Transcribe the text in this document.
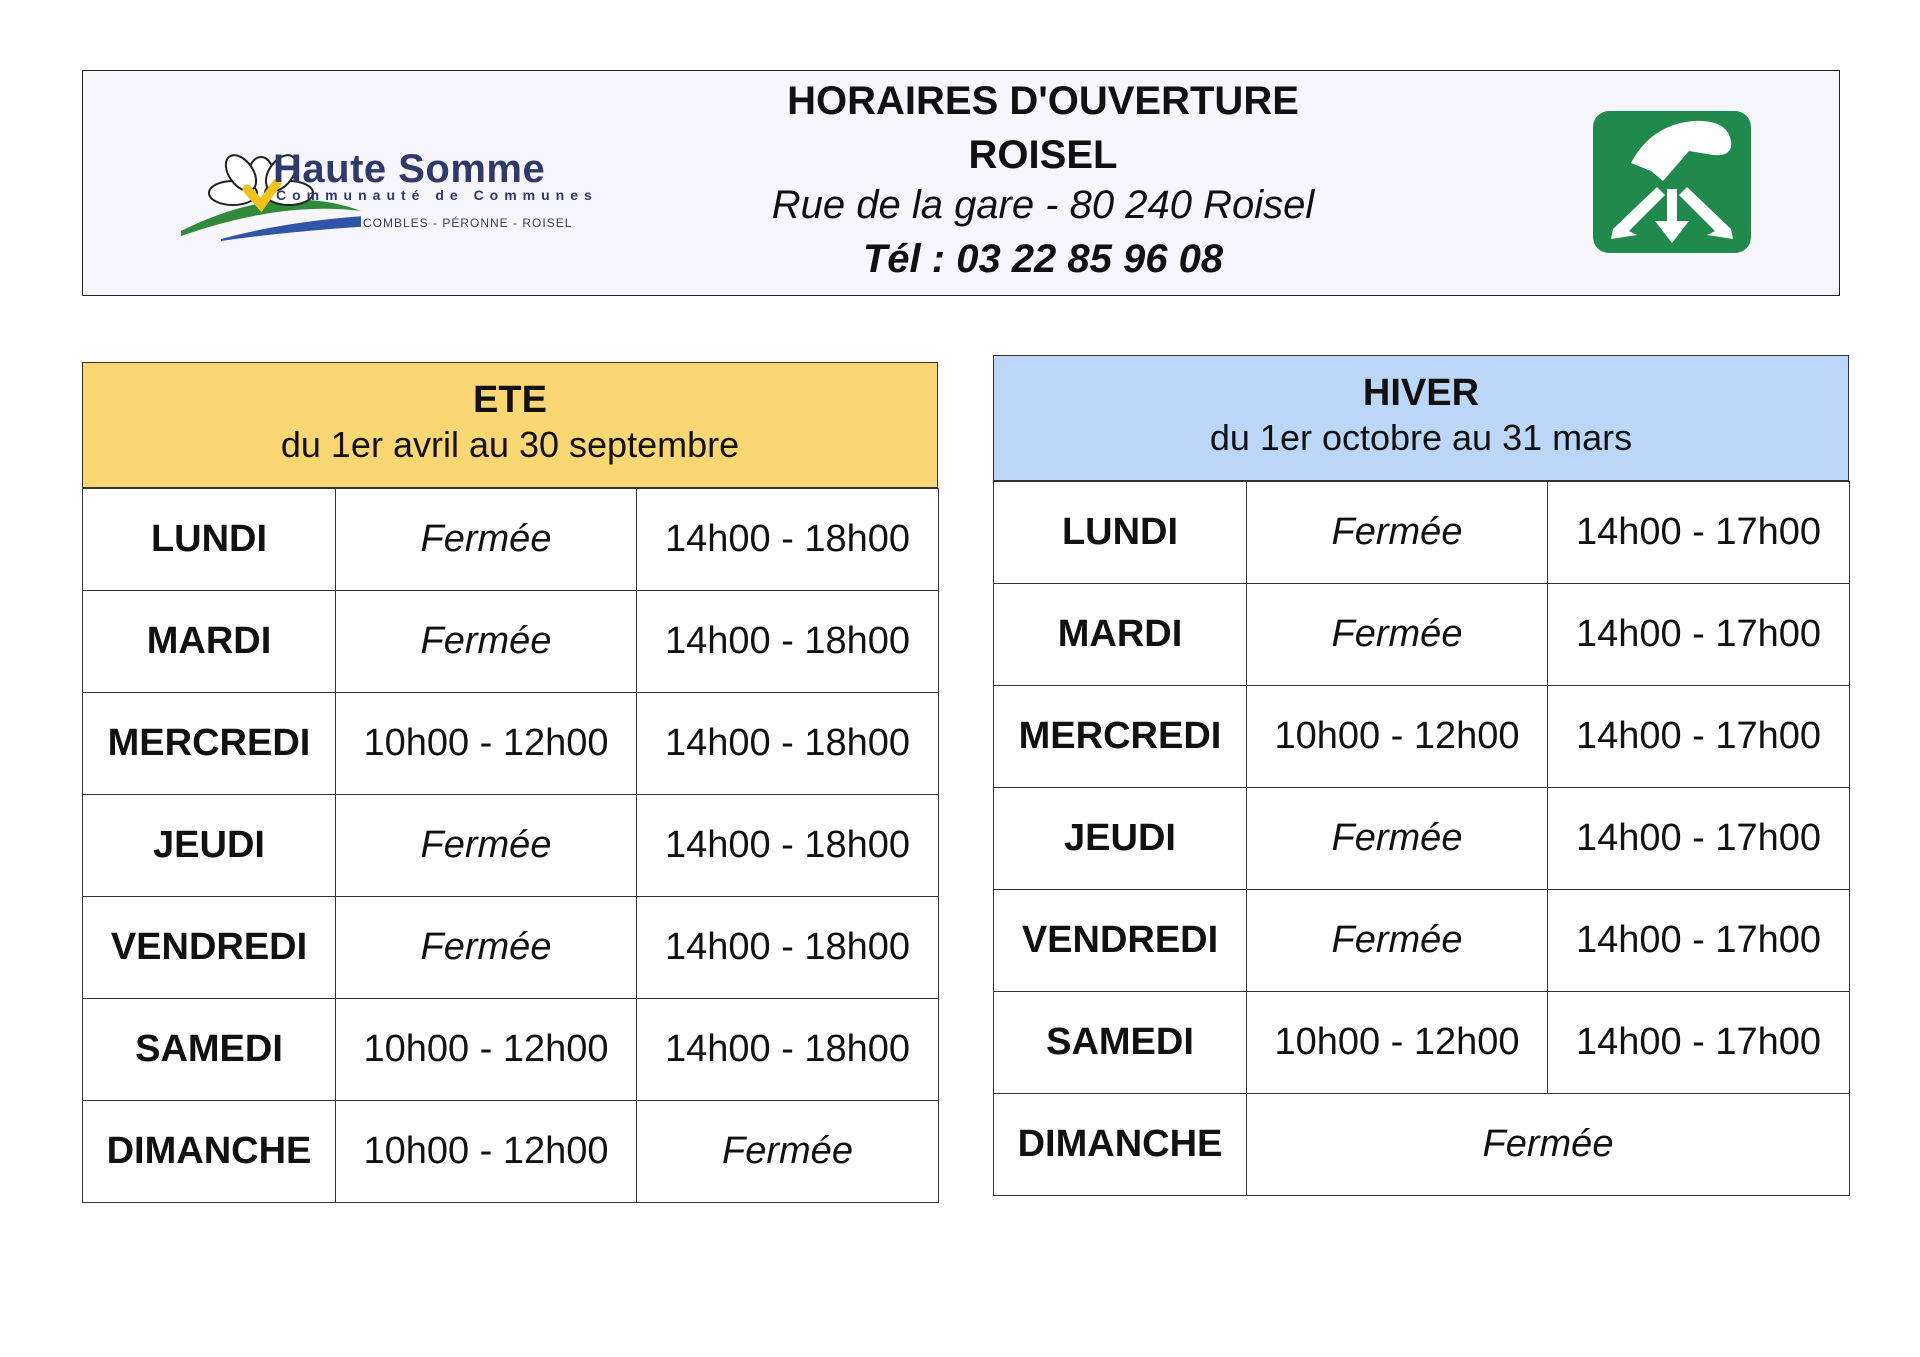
Haute Somme
Communauté de Communes
COMBLES - PÉRONNE - ROISEL
HORAIRES D'OUVERTURE
ROISEL
Rue de la gare - 80 240 Roisel
Tél : 03 22 85 96 08
ETE
du 1er avril au 30 septembre
LUNDI	Fermée	14h00 - 18h00
MARDI	Fermée	14h00 - 18h00
MERCREDI	10h00 - 12h00	14h00 - 18h00
JEUDI	Fermée	14h00 - 18h00
VENDREDI	Fermée	14h00 - 18h00
SAMEDI	10h00 - 12h00	14h00 - 18h00
DIMANCHE	10h00 - 12h00	Fermée
HIVER
du 1er octobre au 31 mars
LUNDI	Fermée	14h00 - 17h00
MARDI	Fermée	14h00 - 17h00
MERCREDI	10h00 - 12h00	14h00 - 17h00
JEUDI	Fermée	14h00 - 17h00
VENDREDI	Fermée	14h00 - 17h00
SAMEDI	10h00 - 12h00	14h00 - 17h00
DIMANCHE	Fermée	
